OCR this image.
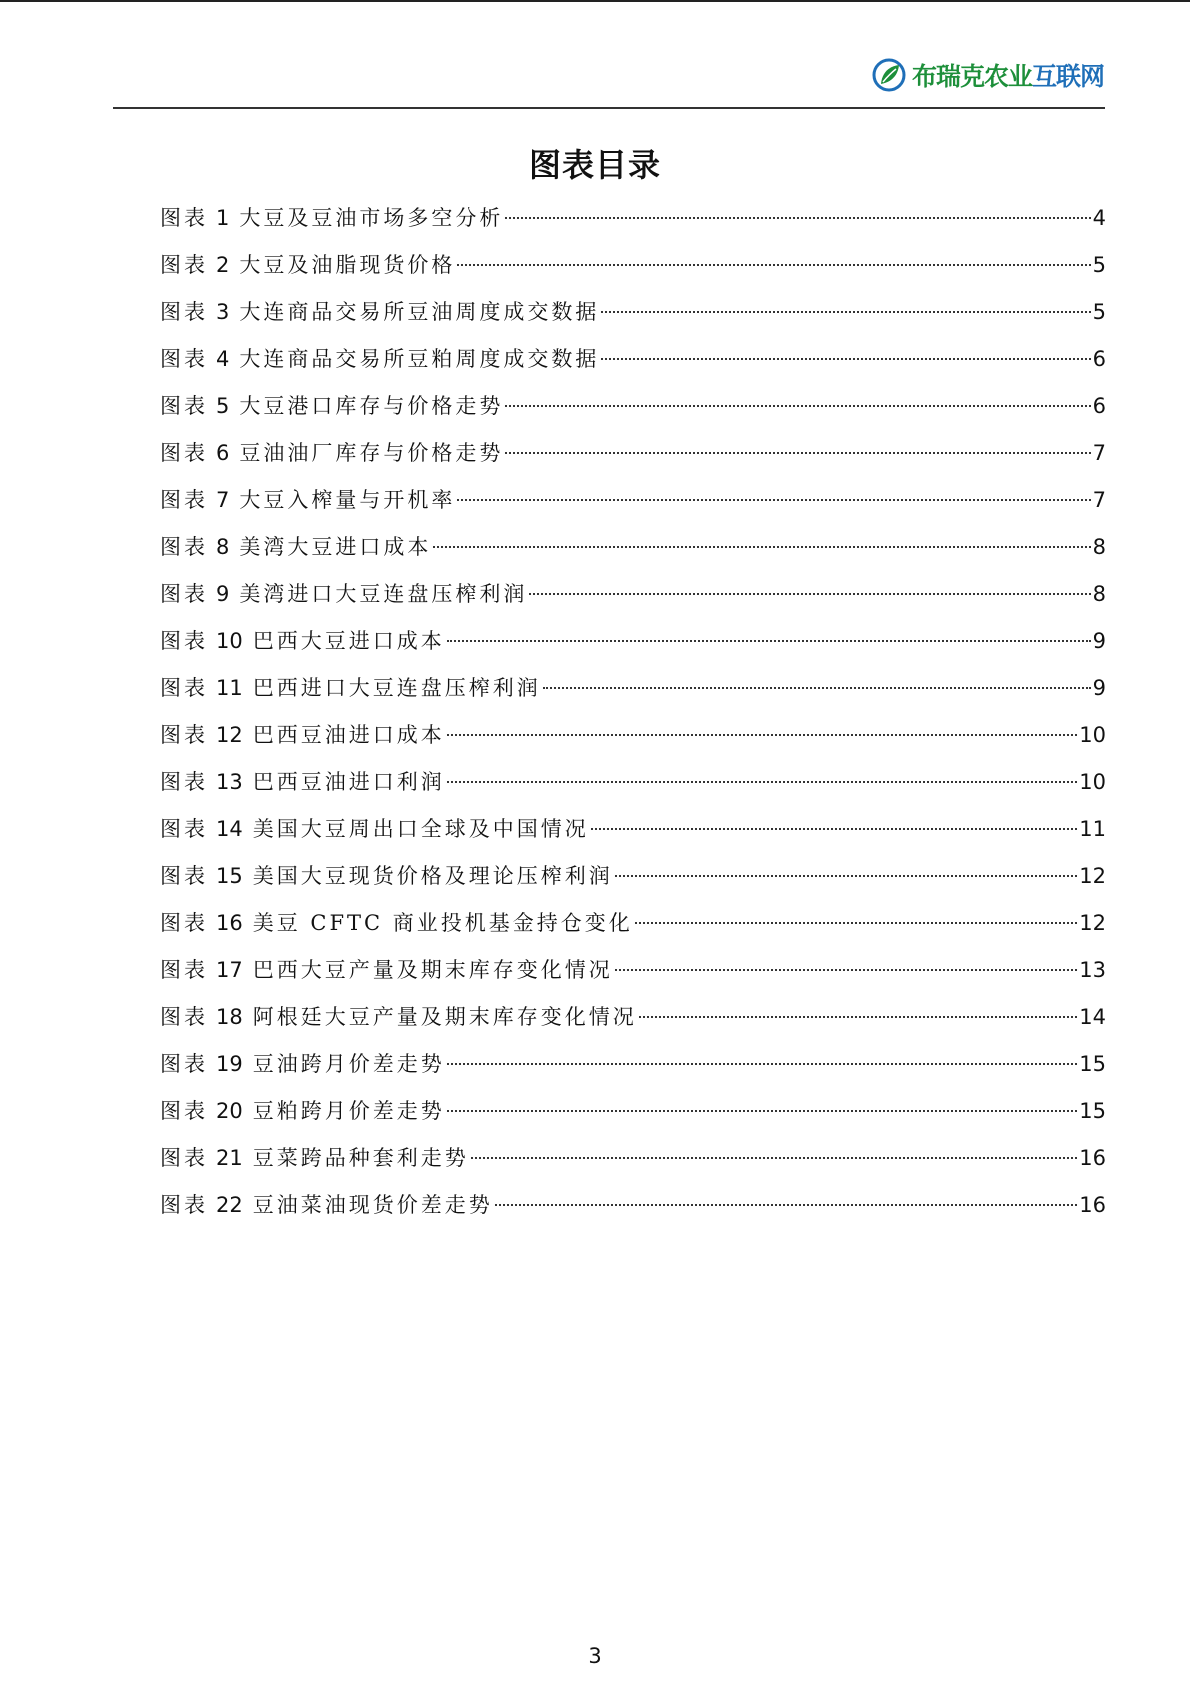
布瑞克农业互联网
图表目录
图表 1 大豆及豆油市场多空分析	4
图表 2 大豆及油脂现货价格	5
图表 3 大连商品交易所豆油周度成交数据	5
图表 4 大连商品交易所豆粕周度成交数据	6
图表 5 大豆港口库存与价格走势	6
图表 6 豆油油厂库存与价格走势	7
图表 7 大豆入榨量与开机率	7
图表 8 美湾大豆进口成本	8
图表 9 美湾进口大豆连盘压榨利润	8
图表 10 巴西大豆进口成本	9
图表 11 巴西进口大豆连盘压榨利润	9
图表 12 巴西豆油进口成本	10
图表 13 巴西豆油进口利润	10
图表 14 美国大豆周出口全球及中国情况	11
图表 15 美国大豆现货价格及理论压榨利润	12
图表 16 美豆 CFTC 商业投机基金持仓变化	12
图表 17 巴西大豆产量及期末库存变化情况	13
图表 18 阿根廷大豆产量及期末库存变化情况	14
图表 19 豆油跨月价差走势	15
图表 20 豆粕跨月价差走势	15
图表 21 豆菜跨品种套利走势	16
图表 22 豆油菜油现货价差走势	16
3
